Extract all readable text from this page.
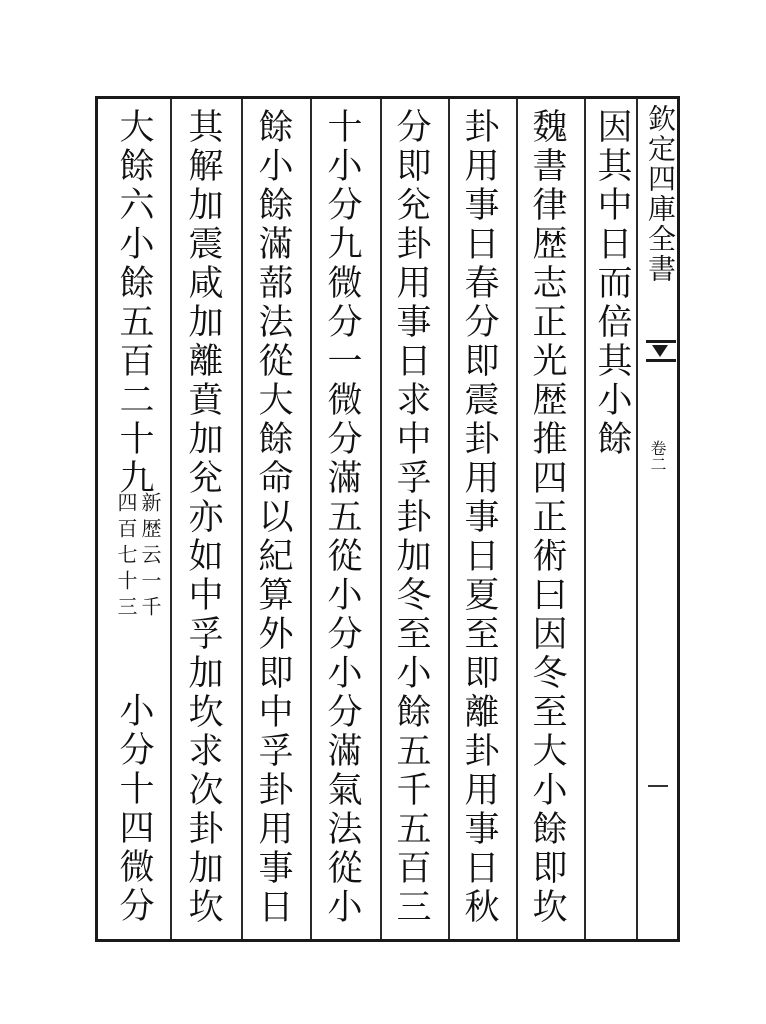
欽定四庫全書
卷二
因其中日而倍其小餘
魏書律歴志正光歴推四正術曰因冬至大小餘即坎
卦用事日春分即震卦用事日夏至即離卦用事日秋
分即兊卦用事日求中孚卦加冬至小餘五千五百三
十小分九微分一微分滿五從小分小分滿氣法從小
餘小餘滿蔀法從大餘命以紀算外即中孚卦用事日
其解加震咸加離賁加兊亦如中孚加坎求次卦加坎
大餘六小餘五百二十九
新歴云一千
四百七十三
小分十四微分
